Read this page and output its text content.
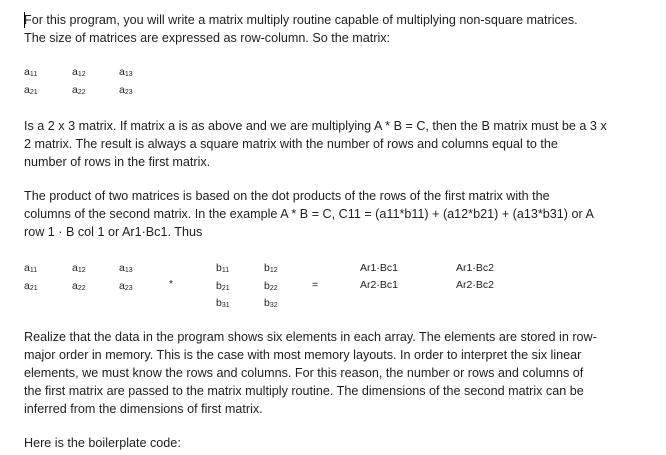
For this program, you will write a matrix multiply routine capable of multiplying non-square matrices.
The size of matrices are expressed as row-column. So the matrix:

$a_{11}$	$a_{12}$	$a_{13}$
$a_{21}$	$a_{22}$	$a_{23}$

Is a 2 x 3 matrix. If matrix a is as above and we are multiplying A * B = C, then the B matrix must be a 3 x
2 matrix. The result is always a square matrix with the number of rows and columns equal to the
number of rows in the first matrix.

The product of two matrices is based on the dot products of the rows of the first matrix with the
columns of the second matrix. In the example A * B = C, C11 = (a11*b11) + (a12*b21) + (a13*b31) or A
row 1 · B col 1 or Ar1·Bc1. Thus

$a_{11}$	$a_{12}$	$a_{13}$
$a_{21}$	$a_{22}$	$a_{23}$	*
$b_{11}$	$b_{12}$
$b_{21}$	$b_{22}$
$b_{31}$	$b_{32}$
=
Ar1·Bc1	Ar1·Bc2
Ar2·Bc1	Ar2·Bc2

Realize that the data in the program shows six elements in each array. The elements are stored in row-
major order in memory. This is the case with most memory layouts. In order to interpret the six linear
elements, we must know the rows and columns. For this reason, the number or rows and columns of
the first matrix are passed to the matrix multiply routine. The dimensions of the second matrix can be
inferred from the dimensions of first matrix.

Here is the boilerplate code:
